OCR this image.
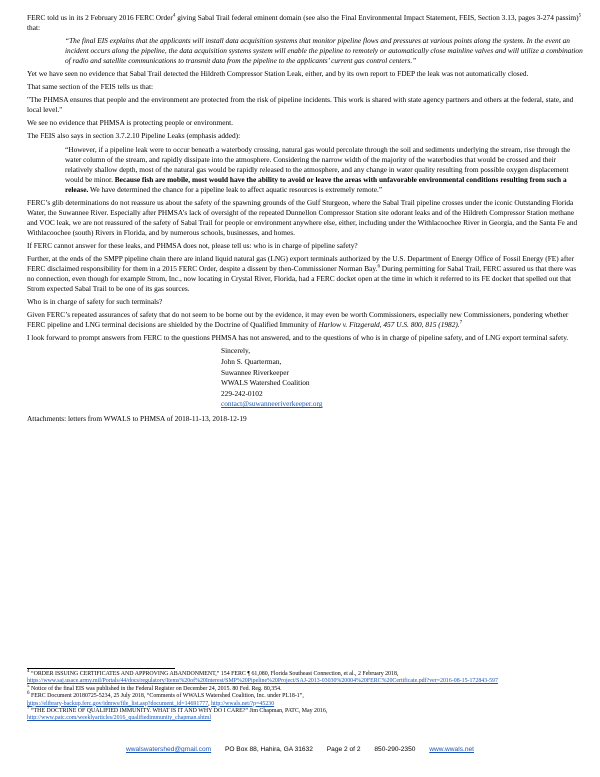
FERC told us in its 2 February 2016 FERC Order$^4$ giving Sabal Trail federal eminent domain (see also the Final Environmental Impact Statement, FEIS, Section 3.13, pages 3-274 passim)$^5$ that:

“The final EIS explains that the applicants will install data acquisition systems that monitor pipeline flows and pressures at various points along the system. In the event an incident occurs along the pipeline, the data acquisition systems system will enable the pipeline to remotely or automatically close mainline valves and will utilize a combination of radio and satellite communications to transmit data from the pipeline to the applicants’ current gas control centers.”

Yet we have seen no evidence that Sabal Trail detected the Hildreth Compressor Station Leak, either, and by its own report to FDEP the leak was not automatically closed.

That same section of the FEIS tells us that:

"The PHMSA ensures that people and the environment are protected from the risk of pipeline incidents. This work is shared with state agency partners and others at the federal, state, and local level."

We see no evidence that PHMSA is protecting people or environment.

The FEIS also says in section 3.7.2.10 Pipeline Leaks (emphasis added):

“However, if a pipeline leak were to occur beneath a waterbody crossing, natural gas would percolate through the soil and sediments underlying the stream, rise through the water column of the stream, and rapidly dissipate into the atmosphere. Considering the narrow width of the majority of the waterbodies that would be crossed and their relatively shallow depth, most of the natural gas would be rapidly released to the atmosphere, and any change in water quality resulting from possible oxygen displacement would be minor. Because fish are mobile, most would have the ability to avoid or leave the areas with unfavorable environmental conditions resulting from such a release. We have determined the chance for a pipeline leak to affect aquatic resources is extremely remote.”

FERC’s glib determinations do not reassure us about the safety of the spawning grounds of the Gulf Sturgeon, where the Sabal Trail pipeline crosses under the iconic Outstanding Florida Water, the Suwannee River. Especially after PHMSA’s lack of oversight of the repeated Dunnellon Compressor Station site odorant leaks and of the Hildreth Compressor Station methane and VOC leak, we are not reassured of the safety of Sabal Trail for people or environment anywhere else, either, including under the Withlacoochee River in Georgia, and the Santa Fe and Withlacoochee (south) Rivers in Florida, and by numerous schools, businesses, and homes.

If FERC cannot answer for these leaks, and PHMSA does not, please tell us: who is in charge of pipeline safety?

Further, at the ends of the SMPP pipeline chain there are inland liquid natural gas (LNG) export terminals authorized by the U.S. Department of Energy Office of Fossil Energy (FE) after FERC disclaimed responsibility for them in a 2015 FERC Order, despite a dissent by then-Commissioner Norman Bay.$^6$ During permitting for Sabal Trail, FERC assured us that there was no connection, even though for example Strom, Inc., now locating in Crystal River, Florida, had a FERC docket open at the time in which it referred to its FE docket that spelled out that Strom expected Sabal Trail to be one of its gas sources.

Who is in charge of safety for such terminals?

Given FERC’s repeated assurances of safety that do not seem to be borne out by the evidence, it may even be worth Commissioners, especially new Commissioners, pondering whether FERC pipeline and LNG terminal decisions are shielded by the Doctrine of Qualified Immunity of Harlow v. Fitzgerald, 457 U.S. 800, 815 (1982).$^7$

I look forward to prompt answers from FERC to the questions PHMSA has not answered, and to the questions of who is in charge of pipeline safety, and of LNG export terminal safety.

Sincerely,
John S. Quarterman,
Suwannee Riverkeeper
WWALS Watershed Coalition
229-242-0102
contact@suwanneeriverkeeper.org

Attachments: letters from WWALS to PHMSA of 2018-11-13, 2018-12-19

$^4$ “ORDER ISSUING CERTIFICATES AND APPROVING ABANDONMENT,” 154 FERC ¶ 61,080, Florida Southeast Connection, et al., 2 February 2018,
https://www.saj.usace.army.mil/Portals/44/docs/regulatory/Items%20of%20Interest/SMP%20Pipeline%20Project/SAJ-2013-03030%20004%20FERC%20Certificate.pdf?ver=2016-08-15-172843-597
$^5$ Notice of the final EIS was published in the Federal Register on December 24, 2015. 80 Fed. Reg. 80,354.
$^6$ FERC Document 20180725-5234, 25 July 2018, “Comments of WWALS Watershed Coalition, Inc. under PL18-1”,
https://elibrary-backup.ferc.gov/idmws/file_list.asp?document_id=14691777, http://wwals.net/?p=45230
$^7$ “THE DOCTRINE OF QUALIFIED IMMUNITY. WHAT IS IT AND WHY DO I CARE?” Jim Chapman, PATC, May 2016,
http://www.patc.com/weeklyarticles/2016_qualifiedimmunity_chapman.shtml
wwalswatershed@gmail.com PO Box 88, Hahira, GA 31632 Page 2 of 2 850-290-2350 www.wwals.net
